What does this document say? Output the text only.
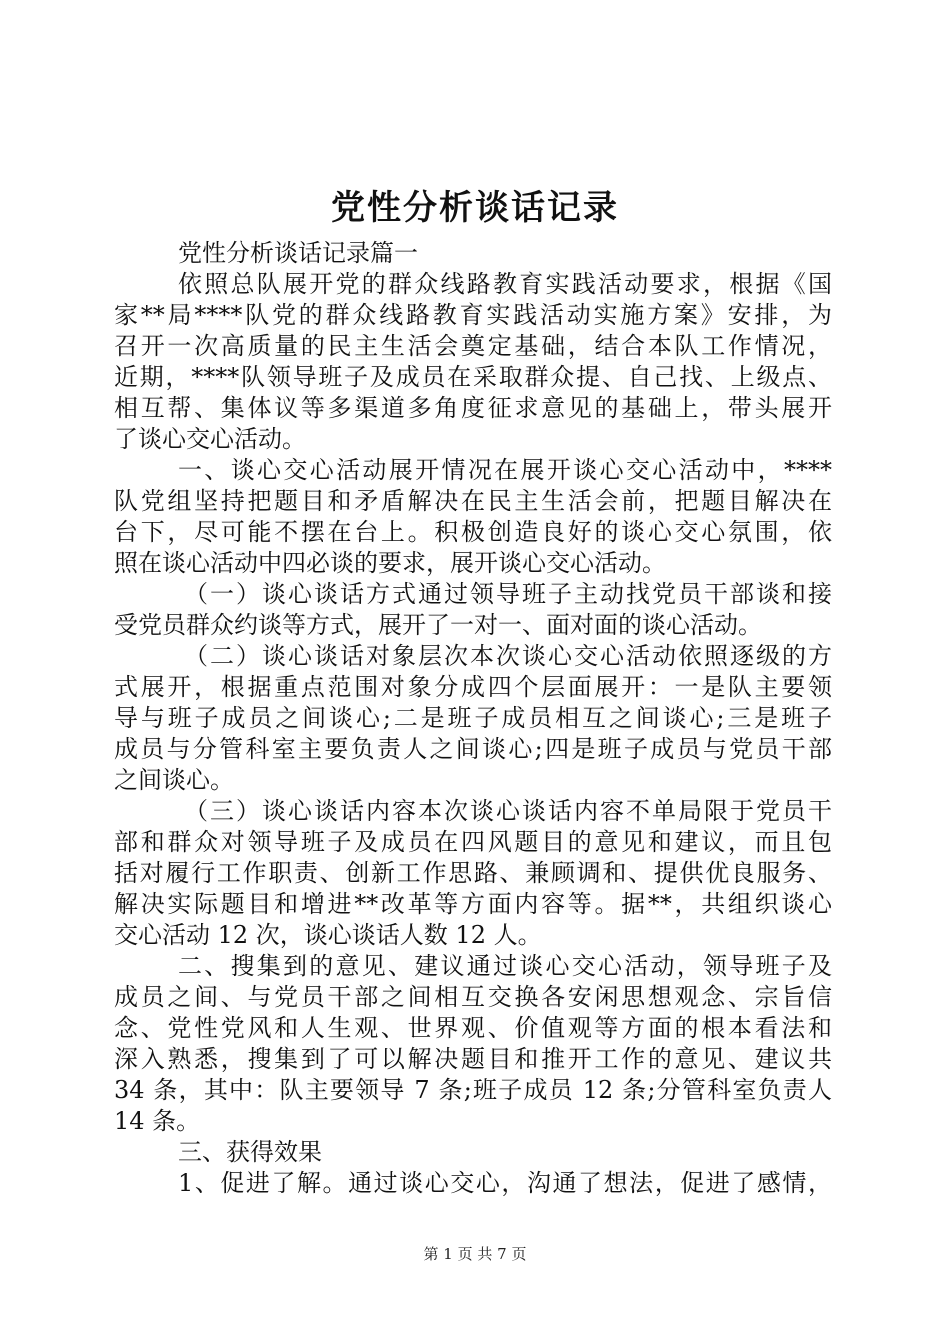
党性分析谈话记录
党性分析谈话记录篇一
依照总队展开党的群众线路教育实践活动要求，根据《国
家**局****队党的群众线路教育实践活动实施方案》安排，为
召开一次高质量的民主生活会奠定基础，结合本队工作情况，
近期，****队领导班子及成员在采取群众提、自己找、上级点、
相互帮、集体议等多渠道多角度征求意见的基础上，带头展开
了谈心交心活动。
一、谈心交心活动展开情况在展开谈心交心活动中，****
队党组坚持把题目和矛盾解决在民主生活会前，把题目解决在
台下，尽可能不摆在台上。积极创造良好的谈心交心氛围，依
照在谈心活动中四必谈的要求，展开谈心交心活动。
（一）谈心谈话方式通过领导班子主动找党员干部谈和接
受党员群众约谈等方式，展开了一对一、面对面的谈心活动。
（二）谈心谈话对象层次本次谈心交心活动依照逐级的方
式展开，根据重点范围对象分成四个层面展开：一是队主要领
导与班子成员之间谈心;二是班子成员相互之间谈心;三是班子
成员与分管科室主要负责人之间谈心;四是班子成员与党员干部
之间谈心。
（三）谈心谈话内容本次谈心谈话内容不单局限于党员干
部和群众对领导班子及成员在四风题目的意见和建议，而且包
括对履行工作职责、创新工作思路、兼顾调和、提供优良服务、
解决实际题目和增进**改革等方面内容等。据**，共组织谈心
交心活动 12 次，谈心谈话人数 12 人。
二、搜集到的意见、建议通过谈心交心活动，领导班子及
成员之间、与党员干部之间相互交换各安闲思想观念、宗旨信
念、党性党风和人生观、世界观、价值观等方面的根本看法和
深入熟悉，搜集到了可以解决题目和推开工作的意见、建议共
34 条，其中：队主要领导 7 条;班子成员 12 条;分管科室负责人
14 条。
三、获得效果
1、促进了解。通过谈心交心，沟通了想法，促进了感情，
第 1 页 共 7 页
